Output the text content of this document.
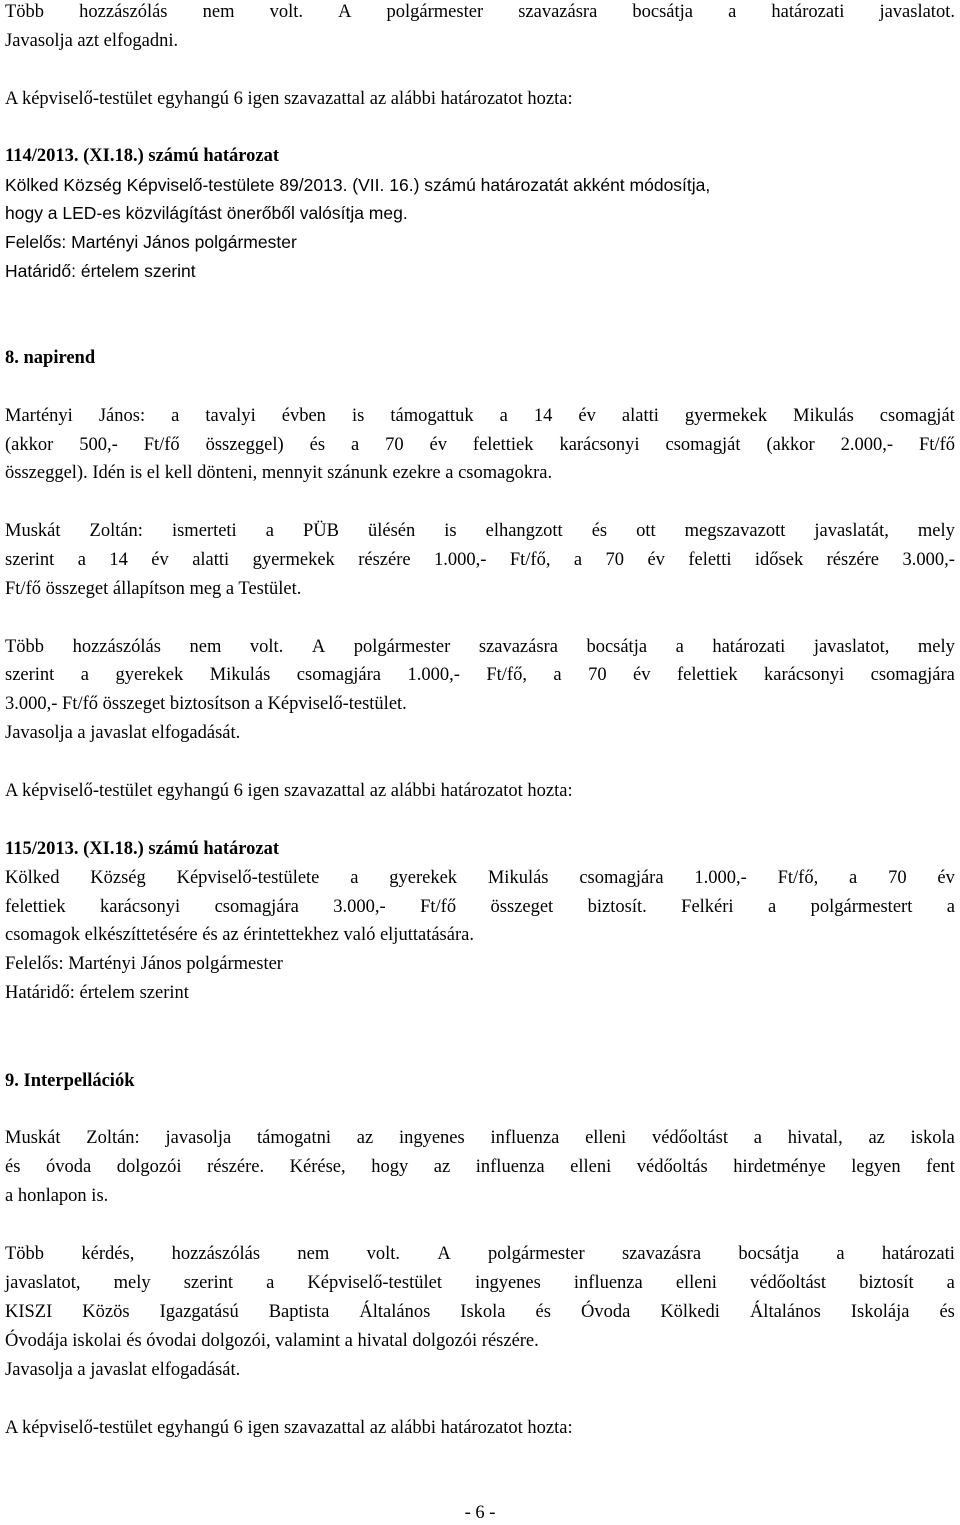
Több hozzászólás nem volt. A polgármester szavazásra bocsátja a határozati javaslatot.

Javasolja azt elfogadni.

A képviselő-testület egyhangú 6 igen szavazattal az alábbi határozatot hozta:

114/2013. (XI.18.) számú határozat

Kölked Község Képviselő-testülete 89/2013. (VII. 16.) számú határozatát akként módosítja,

hogy a LED-es közvilágítást önerőből valósítja meg.

Felelős: Martényi János polgármester

Határidő: értelem szerint

8. napirend

Martényi János: a tavalyi évben is támogattuk a 14 év alatti gyermekek Mikulás csomagját

(akkor 500,- Ft/fő összeggel) és a 70 év felettiek karácsonyi csomagját (akkor 2.000,- Ft/fő

összeggel). Idén is el kell dönteni, mennyit szánunk ezekre a csomagokra.

Muskát Zoltán: ismerteti a PÜB ülésén is elhangzott és ott megszavazott javaslatát, mely

szerint a 14 év alatti gyermekek részére 1.000,- Ft/fő, a 70 év feletti idősek részére 3.000,-

Ft/fő összeget állapítson meg a Testület.

Több hozzászólás nem volt. A polgármester szavazásra bocsátja a határozati javaslatot, mely

szerint a gyerekek Mikulás csomagjára 1.000,- Ft/fő, a 70 év felettiek karácsonyi csomagjára

3.000,- Ft/fő összeget biztosítson a Képviselő-testület.

Javasolja a javaslat elfogadását.

A képviselő-testület egyhangú 6 igen szavazattal az alábbi határozatot hozta:

115/2013. (XI.18.) számú határozat

Kölked Község Képviselő-testülete a gyerekek Mikulás csomagjára 1.000,- Ft/fő, a 70 év

felettiek karácsonyi csomagjára 3.000,- Ft/fő összeget biztosít. Felkéri a polgármestert a

csomagok elkészíttetésére és az érintettekhez való eljuttatására.

Felelős: Martényi János polgármester

Határidő: értelem szerint

9. Interpellációk

Muskát Zoltán: javasolja támogatni az ingyenes influenza elleni védőoltást a hivatal, az iskola

és óvoda dolgozói részére. Kérése, hogy az influenza elleni védőoltás hirdetménye legyen fent

a honlapon is.

Több kérdés, hozzászólás nem volt. A polgármester szavazásra bocsátja a határozati

javaslatot, mely szerint a Képviselő-testület ingyenes influenza elleni védőoltást biztosít a

KISZI Közös Igazgatású Baptista Általános Iskola és Óvoda Kölkedi Általános Iskolája és

Óvodája iskolai és óvodai dolgozói, valamint a hivatal dolgozói részére.

Javasolja a javaslat elfogadását.

A képviselő-testület egyhangú 6 igen szavazattal az alábbi határozatot hozta:

- 6 -
